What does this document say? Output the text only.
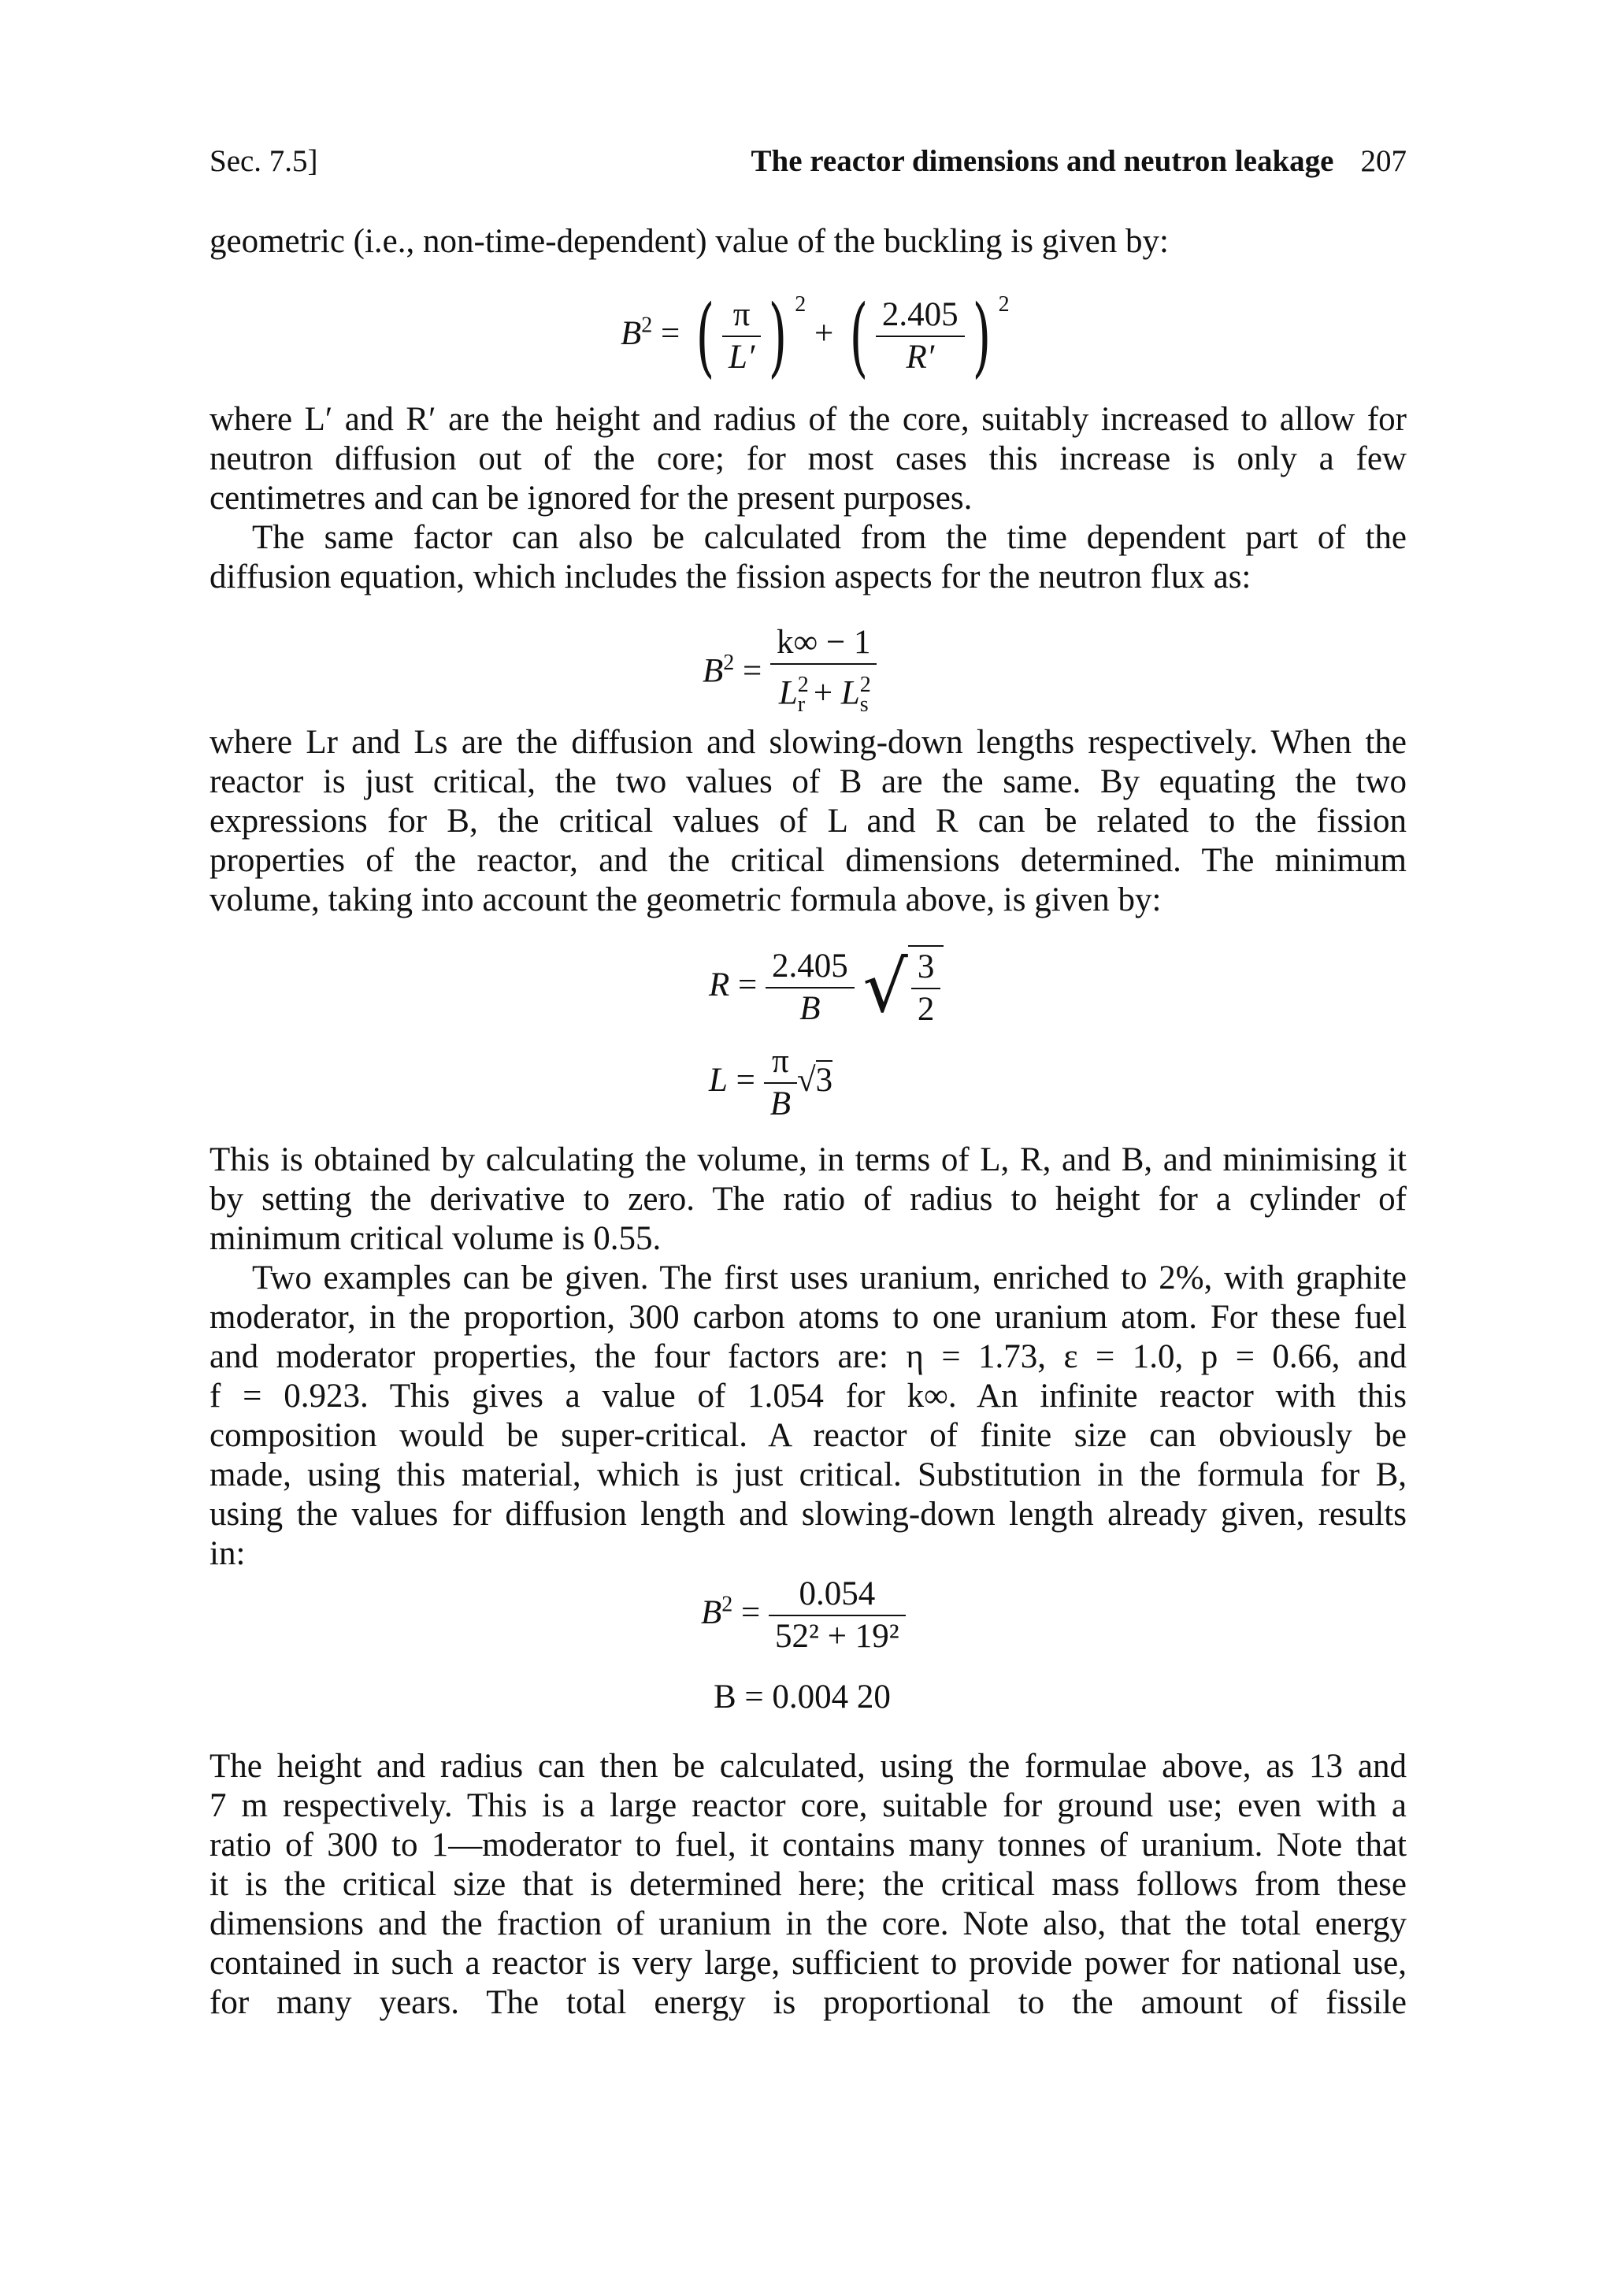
Sec. 7.5]	The reactor dimensions and neutron leakage 207
geometric (i.e., non-time-dependent) value of the buckling is given by:
$B^2$ = ( $\frac{\pi}{L'}$ ) $^2$ + ( $\frac{2.405}{R'}$ ) $^2$
where L′ and R′ are the height and radius of the core, suitably increased to allow for
neutron diffusion out of the core; for most cases this increase is only a few
centimetres and can be ignored for the present purposes.
The same factor can also be calculated from the time dependent part of the
diffusion equation, which includes the fission aspects for the neutron flux as:
$B^2 = \frac{k\infty - 1}{L^2_r + L^2_s}$
where Lr and Ls are the diffusion and slowing-down lengths respectively. When the
reactor is just critical, the two values of B are the same. By equating the two
expressions for B, the critical values of L and R can be related to the fission
properties of the reactor, and the critical dimensions determined. The minimum
volume, taking into account the geometric formula above, is given by:
$R = \frac{2.405}{B}$ √ $\frac{3}{2}$
$L = \frac{\pi}{B} √3$
This is obtained by calculating the volume, in terms of L, R, and B, and minimising it
by setting the derivative to zero. The ratio of radius to height for a cylinder of
minimum critical volume is 0.55.
Two examples can be given. The first uses uranium, enriched to 2%, with graphite
moderator, in the proportion, 300 carbon atoms to one uranium atom. For these fuel
and moderator properties, the four factors are: η = 1.73, ε = 1.0, p = 0.66, and
f = 0.923. This gives a value of 1.054 for k∞. An infinite reactor with this
composition would be super-critical. A reactor of finite size can obviously be
made, using this material, which is just critical. Substitution in the formula for B,
using the values for diffusion length and slowing-down length already given, results
in:
$B^2 = \frac{0.054}{\text{52² + 19²}}$
B = 0.004 20
The height and radius can then be calculated, using the formulae above, as 13 and
7 m respectively. This is a large reactor core, suitable for ground use; even with a
ratio of 300 to 1—moderator to fuel, it contains many tonnes of uranium. Note that
it is the critical size that is determined here; the critical mass follows from these
dimensions and the fraction of uranium in the core. Note also, that the total energy
contained in such a reactor is very large, sufficient to provide power for national use,
for many years. The total energy is proportional to the amount of fissile
